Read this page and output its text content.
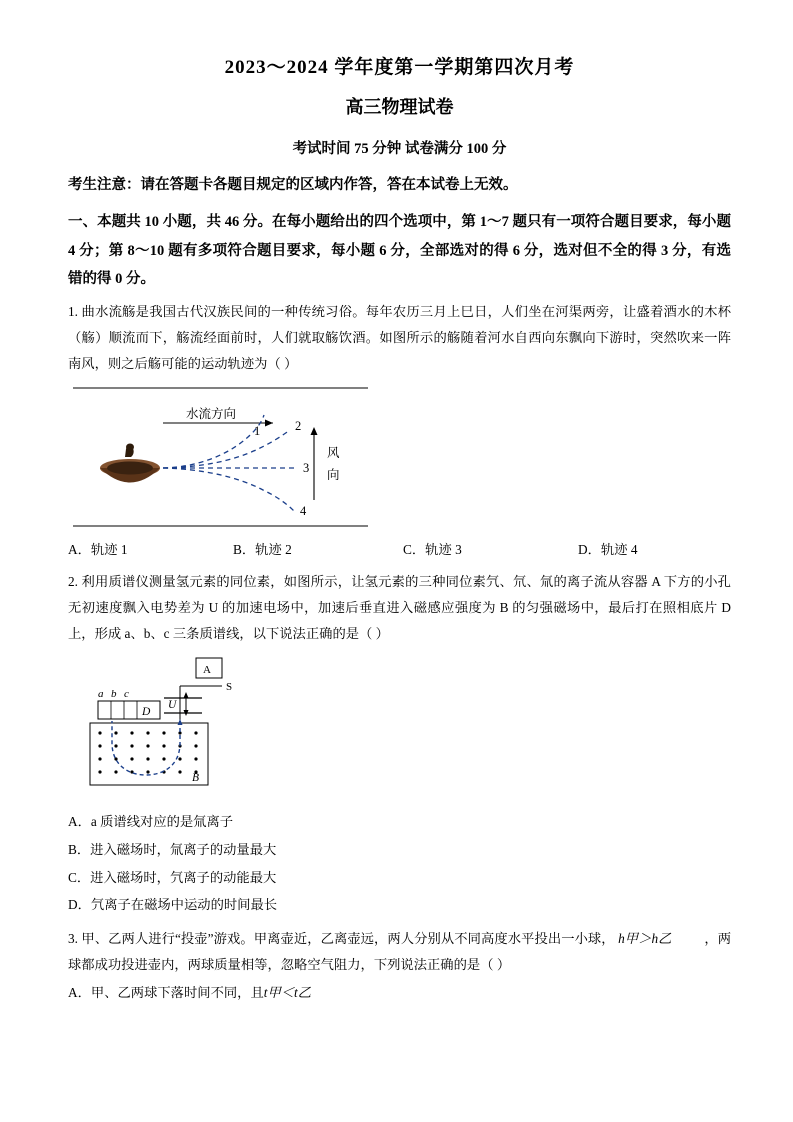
2023～2024 学年度第一学期第四次月考
高三物理试卷
考试时间 75 分钟 试卷满分 100 分
考生注意：请在答题卡各题目规定的区域内作答，答在本试卷上无效。
一、本题共 10 小题，共 46 分。在每小题给出的四个选项中，第 1～7 题只有一项符合题目要求，每小题 4 分；第 8～10 题有多项符合题目要求，每小题 6 分，全部选对的得 6 分，选对但不全的得 3 分，有选错的得 0 分。
1. 曲水流觞是我国古代汉族民间的一种传统习俗。每年农历三月上巳日，人们坐在河渠两旁，让盛着酒水的木杯（觞）顺流而下，觞流经面前时，人们就取觞饮酒。如图所示的觞随着河水自西向东飘向下游时，突然吹来一阵南风，则之后觞可能的运动轨迹为（ ）
水流方向
1	2
3
4
风
向
A．轨迹 1	B．轨迹 2	C．轨迹 3	D．轨迹 4
2. 利用质谱仪测量氢元素的同位素，如图所示，让氢元素的三种同位素氕、氘、氚的离子流从容器 A 下方的小孔无初速度飘入电势差为 U 的加速电场中，加速后垂直进入磁感应强度为 B 的匀强磁场中，最后打在照相底片 D 上，形成 a、b、c 三条质谱线，以下说法正确的是（ ）
A
S
U
a b c
D
B
A．a 质谱线对应的是氚离子
B．进入磁场时，氚离子的动量最大
C．进入磁场时，氕离子的动能最大
D．氕离子在磁场中运动的时间最长
3. 甲、乙两人进行“投壶”游戏。甲离壶近，乙离壶远，两人分别从不同高度水平投出一小球， h甲＞h乙 ，两球都成功投进壶内，两球质量相等，忽略空气阻力，下列说法正确的是（ ）
A．甲、乙两球下落时间不同，且t甲＜t乙
